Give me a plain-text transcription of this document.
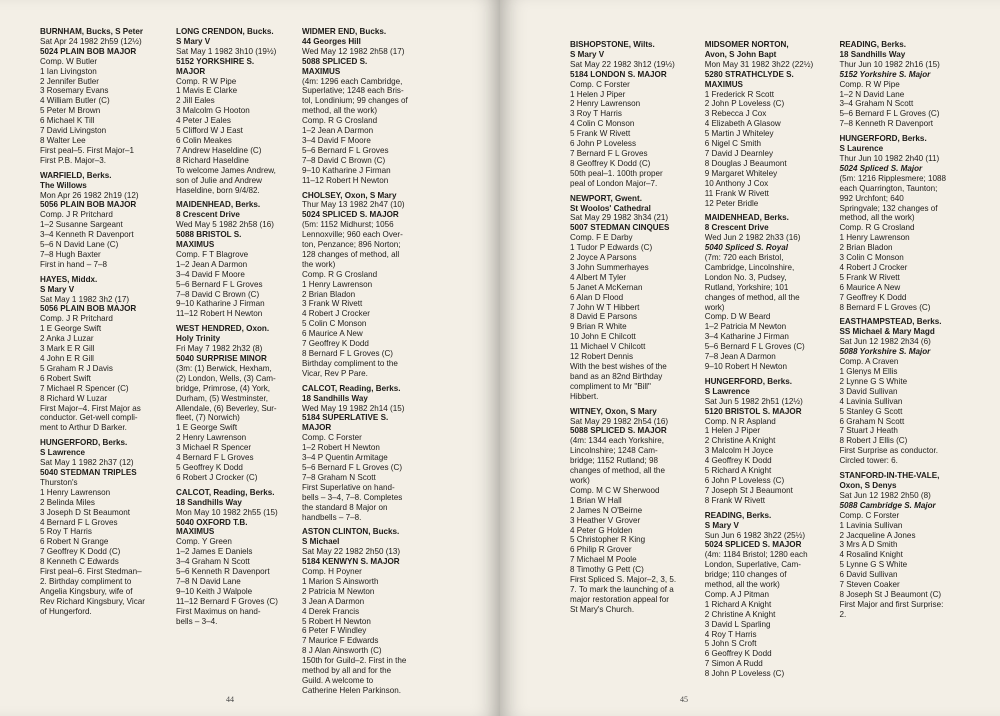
BURNHAM, Bucks, S Peter
Sat Apr 24 1982 2h59 (12½)
5024 PLAIN BOB MAJOR
Comp. W Butler
1 Ian Livingston
2 Jennifer Butler
3 Rosemary Evans
4 William Butler (C)
5 Peter M Brown
6 Michael K Till
7 David Livingston
8 Walter Lee
First peal–5. First Major–1
First P.B. Major–3.
WARFIELD, Berks.
The Willows
Mon Apr 26 1982 2h19 (12)
5056 PLAIN BOB MAJOR
Comp. J R Pritchard
1–2 Susanne Sargeant
3–4 Kenneth R Davenport
5–6 N David Lane (C)
7–8 Hugh Baxter
First in hand – 7–8
HAYES, Middx.
S Mary V
Sat May 1 1982 3h2 (17)
5056 PLAIN BOB MAJOR
Comp. J R Pritchard
1 E George Swift
2 Anka J Luzar
3 Mark E R Gill
4 John E R Gill
5 Graham R J Davis
6 Robert Swift
7 Michael R Spencer (C)
8 Richard W Luzar
First Major–4. First Major as
conductor. Get-well compli-
ment to Arthur D Barker.
HUNGERFORD, Berks.
S Lawrence
Sat May 1 1982 2h37 (12)
5040 STEDMAN TRIPLES
Thurston's
1 Henry Lawrenson
2 Belinda Miles
3 Joseph D St Beaumont
4 Bernard F L Groves
5 Roy T Harris
6 Robert N Grange
7 Geoffrey K Dodd (C)
8 Kenneth C Edwards
First peal–6. First Stedman–
2. Birthday compliment to
Angelia Kingsbury, wife of
Rev Richard Kingsbury, Vicar
of Hungerford.
LONG CRENDON, Bucks.
S Mary V
Sat May 1 1982 3h10 (19½)
5152 YORKSHIRE S.
MAJOR
Comp. R W Pipe
1 Mavis E Clarke
2 Jill Eales
3 Malcolm G Hooton
4 Peter J Eales
5 Clifford W J East
6 Colin Meakes
7 Andrew Haseldine (C)
8 Richard Haseldine
To welcome James Andrew,
son of Julie and Andrew
Haseldine, born 9/4/82.
MAIDENHEAD, Berks.
8 Crescent Drive
Wed May 5 1982 2h58 (16)
5088 BRISTOL S.
MAXIMUS
Comp. F T Blagrove
1–2 Jean A Darmon
3–4 David F Moore
5–6 Bernard F L Groves
7–8 David C Brown (C)
9–10 Katharine J Firman
11–12 Robert H Newton
WEST HENDRED, Oxon.
Holy Trinity
Fri May 7 1982 2h32 (8)
5040 SURPRISE MINOR
(3m: (1) Berwick, Hexham,
(2) London, Wells, (3) Cam-
bridge, Primrose, (4) York,
Durham, (5) Westminster,
Allendale, (6) Beverley, Sur-
fleet, (7) Norwich)
1 E George Swift
2 Henry Lawrenson
3 Michael R Spencer
4 Bernard F L Groves
5 Geoffrey K Dodd
6 Robert J Crocker (C)
CALCOT, Reading, Berks.
18 Sandhills Way
Mon May 10 1982 2h55 (15)
5040 OXFORD T.B.
MAXIMUS
Comp. Y Green
1–2 James E Daniels
3–4 Graham N Scott
5–6 Kenneth R Davenport
7–8 N David Lane
9–10 Keith J Walpole
11–12 Bernard F Groves (C)
First Maximus on hand-
bells – 3–4.
WIDMER END, Bucks.
44 Georges Hill
Wed May 12 1982 2h58 (17)
5088 SPLICED S.
MAXIMUS
(4m: 1296 each Cambridge,
Superlative; 1248 each Bris-
tol, Londinium; 99 changes of
method, all the work)
Comp. R G Crosland
1–2 Jean A Darmon
3–4 David F Moore
5–6 Bernard F L Groves
7–8 David C Brown (C)
9–10 Katharine J Firman
11–12 Robert H Newton
CHOLSEY, Oxon, S Mary
Thur May 13 1982 2h47 (10)
5024 SPLICED S. MAJOR
(5m: 1152 Midhurst; 1056
Lennoxville; 960 each Over-
ton, Penzance; 896 Norton;
128 changes of method, all
the work)
Comp. R G Crosland
1 Henry Lawrenson
2 Brian Bladon
3 Frank W Rivett
4 Robert J Crocker
5 Colin C Monson
6 Maurice A New
7 Geoffrey K Dodd
8 Bernard F L Groves (C)
Birthday compliment to the
Vicar, Rev P Pare.
CALCOT, Reading, Berks.
18 Sandhills Way
Wed May 19 1982 2h14 (15)
5184 SUPERLATIVE S.
MAJOR
Comp. C Forster
1–2 Robert H Newton
3–4 P Quentin Armitage
5–6 Bernard F L Groves (C)
7–8 Graham N Scott
First Superlative on hand-
bells – 3–4, 7–8. Completes
the standard 8 Major on
handbells – 7–8.
ASTON CLINTON, Bucks.
S Michael
Sat May 22 1982 2h50 (13)
5184 KENWYN S. MAJOR
Comp. H Poyner
1 Marion S Ainsworth
2 Patricia M Newton
3 Jean A Darmon
4 Derek Francis
5 Robert H Newton
6 Peter F Windley
7 Maurice F Edwards
8 J Alan Ainsworth (C)
150th for Guild–2. First in the
method by all and for the
Guild. A welcome to
Catherine Helen Parkinson.
44
BISHOPSTONE, Wilts.
S Mary V
Sat May 22 1982 3h12 (19½)
5184 LONDON S. MAJOR
Comp. C Forster
1 Helen J Piper
2 Henry Lawrenson
3 Roy T Harris
4 Colin C Monson
5 Frank W Rivett
6 John P Loveless
7 Bernard F L Groves
8 Geoffrey K Dodd (C)
50th peal–1. 100th proper
peal of London Major–7.
NEWPORT, Gwent.
St Woolos' Cathedral
Sat May 29 1982 3h34 (21)
5007 STEDMAN CINQUES
Comp. F E Darby
1 Tudor P Edwards (C)
2 Joyce A Parsons
3 John Summerhayes
4 Albert M Tyler
5 Janet A McKernan
6 Alan D Flood
7 John W T Hibbert
8 David E Parsons
9 Brian R White
10 John E Chilcott
11 Michael V Chilcott
12 Robert Dennis
With the best wishes of the
band as an 82nd Birthday
compliment to Mr "Bill"
Hibbert.
WITNEY, Oxon, S Mary
Sat May 29 1982 2h54 (16)
5088 SPLICED S. MAJOR
(4m: 1344 each Yorkshire,
Lincolnshire; 1248 Cam-
bridge; 1152 Rutland; 98
changes of method, all the
work)
Comp. M C W Sherwood
1 Brian W Hall
2 James N O'Beirne
3 Heather V Grover
4 Peter G Holden
5 Christopher R King
6 Philip R Grover
7 Michael M Poole
8 Timothy G Pett (C)
First Spliced S. Major–2, 3, 5.
7. To mark the launching of a
major restoration appeal for
St Mary's Church.
MIDSOMER NORTON,
Avon, S John Bapt
Mon May 31 1982 3h22 (22½)
5280 STRATHCLYDE S.
MAXIMUS
1 Frederick R Scott
2 John P Loveless (C)
3 Rebecca J Cox
4 Elizabeth A Glasow
5 Martin J Whiteley
6 Nigel C Smith
7 David J Dearnley
8 Douglas J Beaumont
9 Margaret Whiteley
10 Anthony J Cox
11 Frank W Rivett
12 Peter Bridle
MAIDENHEAD, Berks.
8 Crescent Drive
Wed Jun 2 1982 2h33 (16)
5040 Spliced S. Royal
(7m: 720 each Bristol,
Cambridge, Lincolnshire,
London No. 3, Pudsey,
Rutland, Yorkshire; 101
changes of method, all the
work)
Comp. D W Beard
1–2 Patricia M Newton
3–4 Katharine J Firman
5–6 Bernard F L Groves (C)
7–8 Jean A Darmon
9–10 Robert H Newton
HUNGERFORD, Berks.
S Lawrence
Sat Jun 5 1982 2h51 (12½)
5120 BRISTOL S. MAJOR
Comp. N R Aspland
1 Helen J Piper
2 Christine A Knight
3 Malcolm H Joyce
4 Geoffrey K Dodd
5 Richard A Knight
6 John P Loveless (C)
7 Joseph St J Beaumont
8 Frank W Rivett
READING, Berks.
S Mary V
Sun Jun 6 1982 3h22 (25½)
5024 SPLICED S. MAJOR
(4m: 1184 Bristol; 1280 each
London, Superlative, Cam-
bridge; 110 changes of
method, all the work)
Comp. A J Pitman
1 Richard A Knight
2 Christine A Knight
3 David L Sparling
4 Roy T Harris
5 John S Croft
6 Geoffrey K Dodd
7 Simon A Rudd
8 John P Loveless (C)
READING, Berks.
18 Sandhills Way
Thur Jun 10 1982 2h16 (15)
5152 Yorkshire S. Major
Comp. R W Pipe
1–2 N David Lane
3–4 Graham N Scott
5–6 Bernard F L Groves (C)
7–8 Kenneth R Davenport
HUNGERFORD, Berks.
S Laurence
Thur Jun 10 1982 2h40 (11)
5024 Spliced S. Major
(5m: 1216 Ripplesmere; 1088
each Quarrington, Taunton;
992 Urchfont; 640
Springvale; 132 changes of
method, all the work)
Comp. R G Crosland
1 Henry Lawrenson
2 Brian Bladon
3 Colin C Monson
4 Robert J Crocker
5 Frank W Rivett
6 Maurice A New
7 Geoffrey K Dodd
8 Bernard F L Groves (C)
EASTHAMPSTEAD, Berks.
SS Michael & Mary Magd
Sat Jun 12 1982 2h34 (6)
5088 Yorkshire S. Major
Comp. A Craven
1 Glenys M Ellis
2 Lynne G S White
3 David Sullivan
4 Lavinia Sullivan
5 Stanley G Scott
6 Graham N Scott
7 Stuart J Heath
8 Robert J Ellis (C)
First Surprise as conductor.
Circled tower: 6.
STANFORD-IN-THE-VALE,
Oxon, S Denys
Sat Jun 12 1982 2h50 (8)
5088 Cambridge S. Major
Comp. C Forster
1 Lavinia Sullivan
2 Jacqueline A Jones
3 Mrs A D Smith
4 Rosalind Knight
5 Lynne G S White
6 David Sullivan
7 Steven Coaker
8 Joseph St J Beaumont (C)
First Major and first Surprise:
2.
45
